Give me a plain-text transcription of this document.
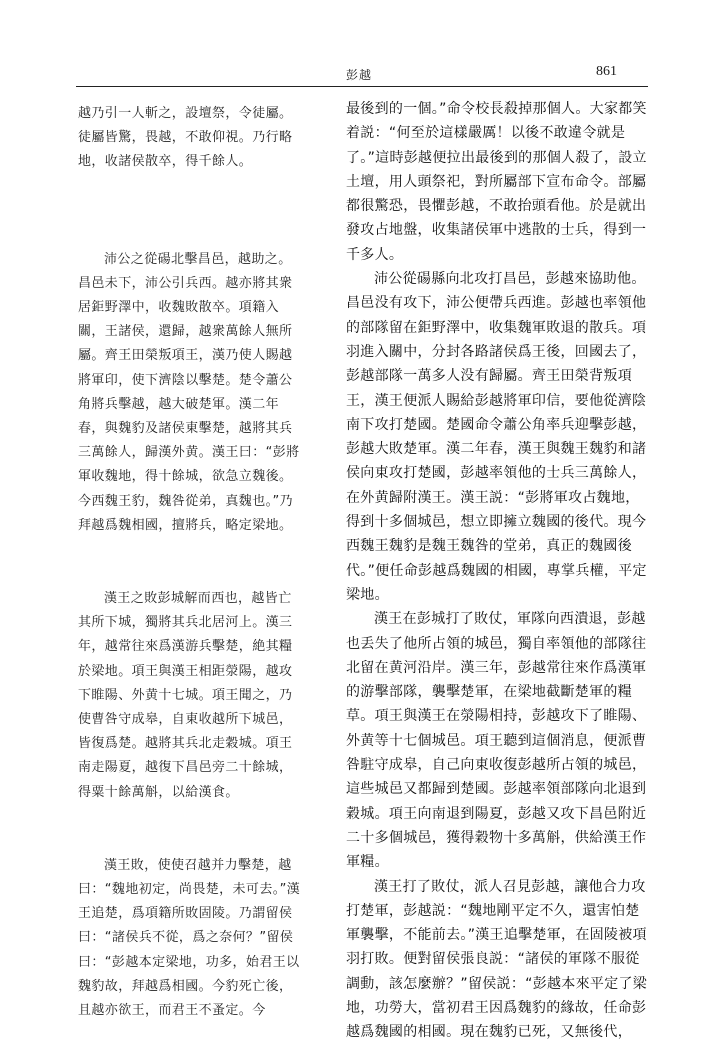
彭越	861

越乃引一人斬之，設壇祭，令徒屬。徒屬皆驚，畏越，不敢仰視。乃行略地，收諸侯散卒，得千餘人。

沛公之從碭北擊昌邑，越助之。昌邑未下，沛公引兵西。越亦將其衆居鉅野澤中，收魏敗散卒。項籍入關，王諸侯，還歸，越衆萬餘人無所屬。齊王田榮叛項王，漢乃使人賜越將軍印，使下濟陰以擊楚。楚令蕭公角將兵擊越，越大破楚軍。漢二年春，與魏豹及諸侯東擊楚，越將其兵三萬餘人，歸漢外黄。漢王曰：“彭將軍收魏地，得十餘城，欲急立魏後。今西魏王豹，魏咎從弟，真魏也。”乃拜越爲魏相國，擅將兵，略定梁地。

漢王之敗彭城解而西也，越皆亡其所下城，獨將其兵北居河上。漢三年，越常往來爲漢游兵擊楚，絶其糧於梁地。項王與漢王相距滎陽，越攻下睢陽、外黄十七城。項王聞之，乃使曹咎守成皋，自東收越所下城邑，皆復爲楚。越將其兵北走穀城。項王南走陽夏，越復下昌邑旁二十餘城，得粟十餘萬斛，以給漢食。

漢王敗，使使召越并力擊楚，越曰：“魏地初定，尚畏楚，未可去。”漢王追楚，爲項籍所敗固陵。乃謂留侯曰：“諸侯兵不從，爲之奈何？”留侯曰：“彭越本定梁地，功多，始君王以魏豹故，拜越爲相國。今豹死亡後，且越亦欲王，而君王不蚤定。今

最後到的一個。”命令校長殺掉那個人。大家都笑着説：“何至於這樣嚴厲！以後不敢違令就是了。”這時彭越便拉出最後到的那個人殺了，設立土壇，用人頭祭祀，對所屬部下宣布命令。部屬都很驚恐，畏懼彭越，不敢抬頭看他。於是就出發攻占地盤，收集諸侯軍中逃散的士兵，得到一千多人。

沛公從碭縣向北攻打昌邑，彭越來協助他。昌邑没有攻下，沛公便帶兵西進。彭越也率領他的部隊留在鉅野澤中，收集魏軍敗退的散兵。項羽進入關中，分封各路諸侯爲王後，回國去了，彭越部隊一萬多人没有歸屬。齊王田榮背叛項王，漢王便派人賜給彭越將軍印信，要他從濟陰南下攻打楚國。楚國命令蕭公角率兵迎擊彭越，彭越大敗楚軍。漢二年春，漢王與魏王魏豹和諸侯向東攻打楚國，彭越率領他的士兵三萬餘人，在外黄歸附漢王。漢王説：“彭將軍攻占魏地，得到十多個城邑，想立即擁立魏國的後代。現今西魏王魏豹是魏王魏咎的堂弟，真正的魏國後代。”便任命彭越爲魏國的相國，專掌兵權，平定梁地。

漢王在彭城打了敗仗，軍隊向西潰退，彭越也丢失了他所占領的城邑，獨自率領他的部隊往北留在黄河沿岸。漢三年，彭越常往來作爲漢軍的游擊部隊，襲擊楚軍，在梁地截斷楚軍的糧草。項王與漢王在滎陽相持，彭越攻下了睢陽、外黄等十七個城邑。項王聽到這個消息，便派曹咎駐守成皋，自己向東收復彭越所占領的城邑，這些城邑又都歸到楚國。彭越率領部隊向北退到穀城。項王向南退到陽夏，彭越又攻下昌邑附近二十多個城邑，獲得穀物十多萬斛，供給漢王作軍糧。

漢王打了敗仗，派人召見彭越，讓他合力攻打楚軍，彭越説：“魏地剛平定不久，還害怕楚軍襲擊，不能前去。”漢王追擊楚軍，在固陵被項羽打敗。便對留侯張良説：“諸侯的軍隊不服從調動，該怎麼辦？”留侯説：“彭越本來平定了梁地，功勞大，當初君王因爲魏豹的緣故，任命彭越爲魏國的相國。現在魏豹已死，又無後代，
